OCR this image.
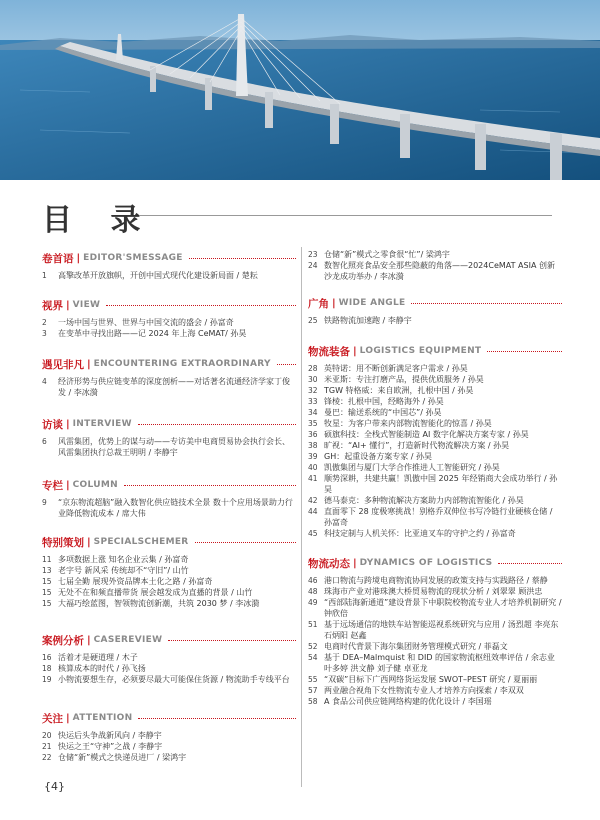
目 录
卷首语 | EDITOR'SMESSAGE
1	高擎改革开放旗帜，开创中国式现代化建设新局面 / 楚耘
视界 | VIEW
2	一场中国与世界、世界与中国交流的盛会 / 孙富奇
3	在变革中寻找出路——记 2024 年上海 CeMAT/ 孙昊
遇见非凡 | ENCOUNTERING EXTRAORDINARY
4	经济形势与供应链变革的深度剖析——对话著名流通经济学家丁俊发 / 李冰漪
访谈 | INTERVIEW
6	风雷集团，优势上的谋与动——专访美中电商贸易协会执行会长、风雷集团执行总裁王明明 / 李静宇
专栏 | COLUMN
9	“京东物流超脑”融入数智化供应链技术全景 数十个应用场景助力行业降低物流成本 / 席大伟
特别策划 | SPECIALSCHEMER
11 多项数据上涨 知名企业云集 / 孙富奇
13 老字号 新风采 传统却不“守旧”/ 山竹
15 七届全勤 展现外资品牌本土化之路 / 孙富奇
15 无处不在和频直播带货 展会越发成为直播的背景 / 山竹
15 大福巧绘蓝图，智领物流创新潮，共筑 2030 梦 / 李冰漪
案例分析 | CASEREVIEW
16 活着才是硬道理 / 木子
18 核算成本的时代 / 孙飞扬
19 小物流要想生存，必须要尽最大可能保住货源 / 物流助手专线平台
关注 | ATTENTION
20 快运后头争战新风向 / 李静宇
21 快运之王“守神”之战 / 李静宇
22 仓储“新”模式之快递员进厂 / 梁鸿宇
23 仓储“新”模式之零食很“忙”/ 梁鸿宇
24 数智化照亮食品安全那些隐蔽的角落——2024CeMAT ASIA 创新沙龙成功举办 / 李冰漪
广角 | WIDE ANGLE
25 铁路物流加速跑 / 李静宇
物流装备 | LOGISTICS EQUIPMENT
28 英特诺：用不断创新满足客户需求 / 孙昊
30 米亚斯：专注打磨产品，提供优质服务 / 孙昊
32 TGW 特格威：来自欧洲，扎根中国 / 孙昊
33 锋棱：扎根中国，经略海外 / 孙昊
34 曼巴：输送系统的“中国芯”/ 孙昊
35 牧星：为客户带来内部物流智能化的惊喜 / 孙昊
36 硕旗科技：全栈式智能制造 AI 数字化解决方案专家 / 孙昊
38 旷视：“AI+ 懂行”，打造新时代物流解决方案 / 孙昊
39 GH：起重设备方案专家 / 孙昊
40 凯傲集团与厦门大学合作推进人工智能研究 / 孙昊
41 顺势深耕，共建共赢！凯傲中国 2025 年经销商大会成功举行 / 孙昊
42 德马泰克：多种物流解决方案助力内部物流智能化 / 孙昊
44 直面零下 28 度极寒挑战！别格乔双伸位书写冷链行业硬核仓储 / 孙富奇
45 科技定制与人机关怀：比亚迪叉车的守护之约 / 孙富奇
物流动态 | DYNAMICS OF LOGISTICS
46 港口物流与跨境电商物流协同发展的政策支持与实践路径 / 蔡静
48 珠海市产业对港珠澳大桥贸易物流的现状分析 / 刘翠翠 顾洪忠
49 “西部陆海新通道”建设背景下中职院校物流专业人才培养机制研究 / 钟欣倍
51 基于远场通信的地铁车站智能巡视系统研究与应用 / 汤烈超 李亮东 石炳阳 赵鑫
52 电商时代背景下海尔集团财务管理模式研究 / 菲磊文
54 基于 DEA–Malmquist 和 DID 的国家物流枢纽效率评估 / 余志业 叶多婷 洪文静 刘子健 卓亚龙
55 “双碳”目标下广西网络货运发展 SWOT–PEST 研究 / 夏丽丽
57 两业融合视角下女性物流专业人才培养方向探索 / 李双双
58 A 食品公司供应链网络构建的优化设计 / 李国瑶
{4}
